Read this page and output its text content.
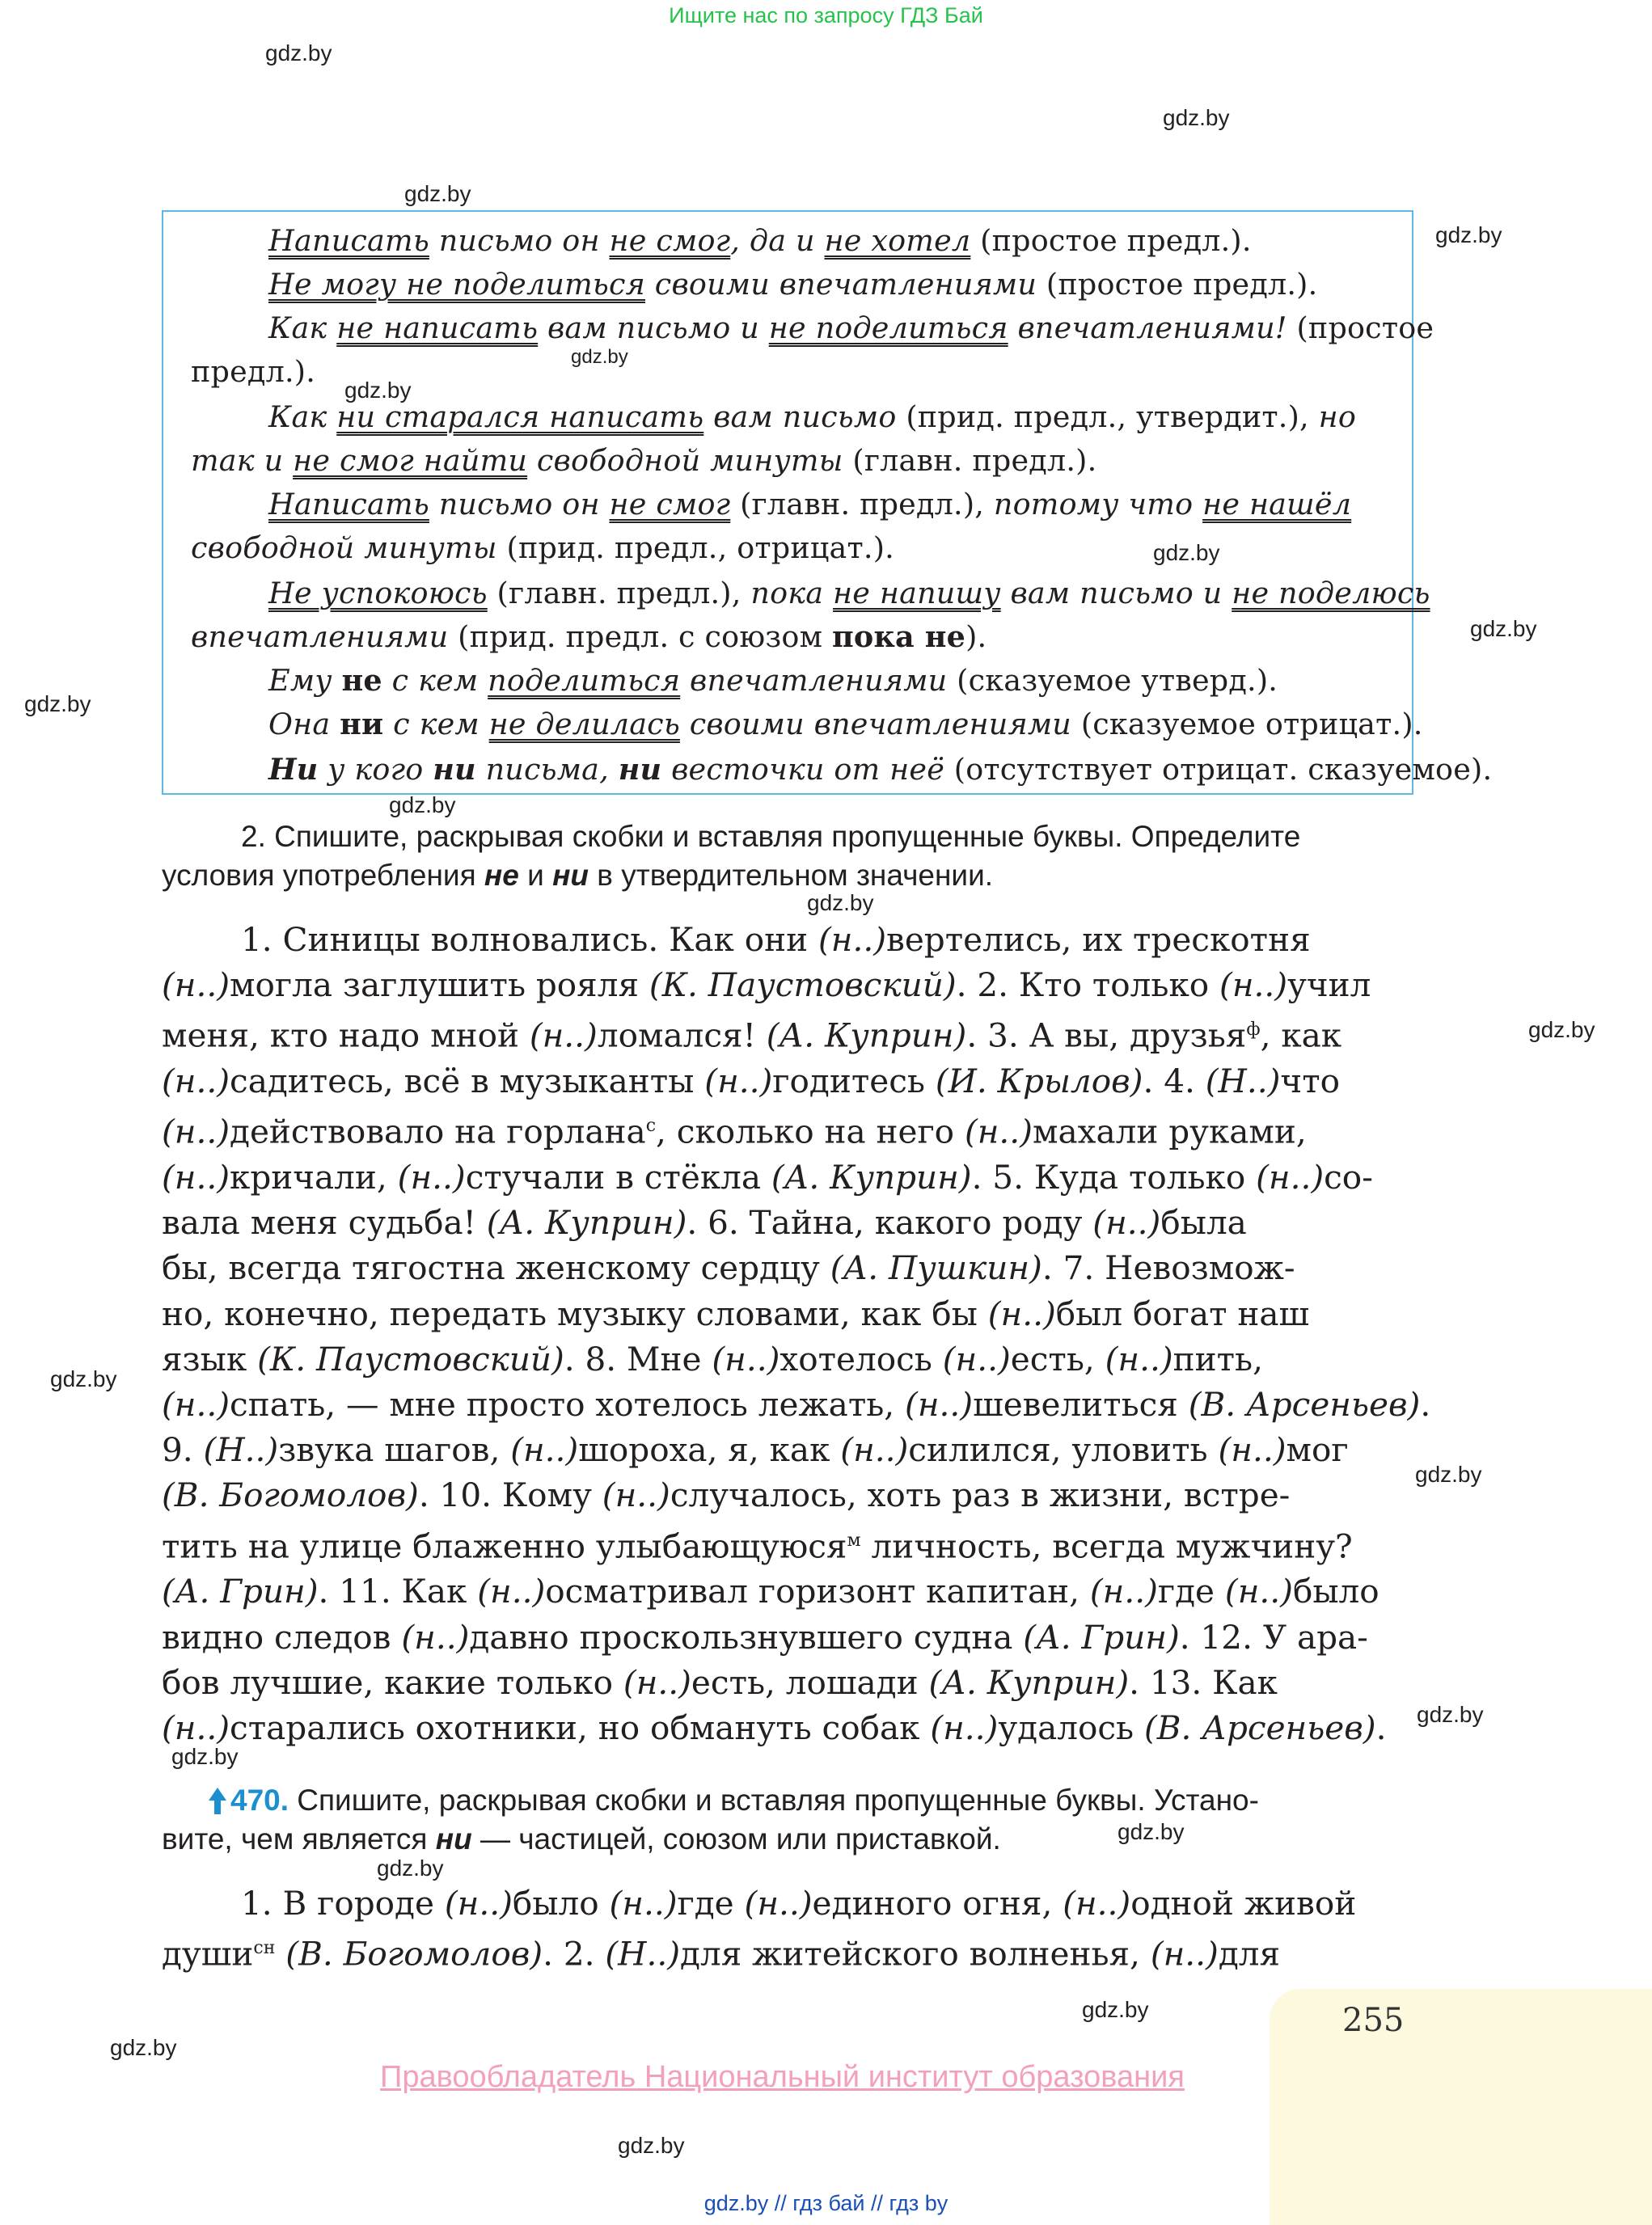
Ищите нас по запросу ГДЗ Бай
gdz.by
gdz.by
gdz.by
gdz.by
gdz.by
gdz.by
gdz.by
gdz.by
gdz.by
gdz.by
gdz.by
gdz.by
gdz.by
gdz.by
gdz.by
gdz.by
gdz.by
gdz.by
gdz.by
gdz.by
gdz.by
Написать письмо он не смог, да и не хотел (простое предл.).
Не могу не поделиться своими впечатлениями (простое предл.).
Как не написать вам письмо и не поделиться впечатлениями! (простое
предл.).
Как ни старался написать вам письмо (прид. предл., утвердит.), но
так и не смог найти свободной минуты (главн. предл.).
Написать письмо он не смог (главн. предл.), потому что не нашёл
свободной минуты (прид. предл., отрицат.).
Не успокоюсь (главн. предл.), пока не напишу вам письмо и не поделюсь
впечатлениями (прид. предл. с союзом пока не).
Ему не с кем поделиться впечатлениями (сказуемое утверд.).
Она ни с кем не делилась своими впечатлениями (сказуемое отрицат.).
Ни у кого ни письма, ни весточки от неё (отсутствует отрицат. сказуемое).
2. Спишите, раскрывая скобки и вставляя пропущенные буквы. Определите
условия употребления не и ни в утвердительном значении.
1. Синицы волновались. Как они (н..)вертелись, их трескотня
(н..)могла заглушить рояля (К. Паустовский). 2. Кто только (н..)учил
меня, кто надо мной (н..)ломался! (А. Куприн). 3. А вы, друзья$^ф$, как
(н..)садитесь, всё в музыканты (н..)годитесь (И. Крылов). 4. (Н..)что
(н..)действовало на горлана$^с$, сколько на него (н..)махали руками,
(н..)кричали, (н..)стучали в стёкла (А. Куприн). 5. Куда только (н..)со-
вала меня судьба! (А. Куприн). 6. Тайна, какого роду (н..)была
бы, всегда тягостна женскому сердцу (А. Пушкин). 7. Невозмож-
но, конечно, передать музыку словами, как бы (н..)был богат наш
язык (К. Паустовский). 8. Мне (н..)хотелось (н..)есть, (н..)пить,
(н..)спать, — мне просто хотелось лежать, (н..)шевелиться (В. Арсеньев).
9. (Н..)звука шагов, (н..)шороха, я, как (н..)силился, уловить (н..)мог
(В. Богомолов). 10. Кому (н..)случалось, хоть раз в жизни, встре-
тить на улице блаженно улыбающуюся$^м$ личность, всегда мужчину?
(А. Грин). 11. Как (н..)осматривал горизонт капитан, (н..)где (н..)было
видно следов (н..)давно проскользнувшего судна (А. Грин). 12. У ара-
бов лучшие, какие только (н..)есть, лошади (А. Куприн). 13. Как
(н..)старались охотники, но обмануть собак (н..)удалось (В. Арсеньев).
470. Спишите, раскрывая скобки и вставляя пропущенные буквы. Устано-
вите, чем является ни — частицей, союзом или приставкой.
1. В городе (н..)было (н..)где (н..)единого огня, (н..)одной живой
души$^{сн}$ (В. Богомолов). 2. (Н..)для житейского волненья, (н..)для
255
Правообладатель Национальный институт образования
gdz.by // гдз бай // гдз by
